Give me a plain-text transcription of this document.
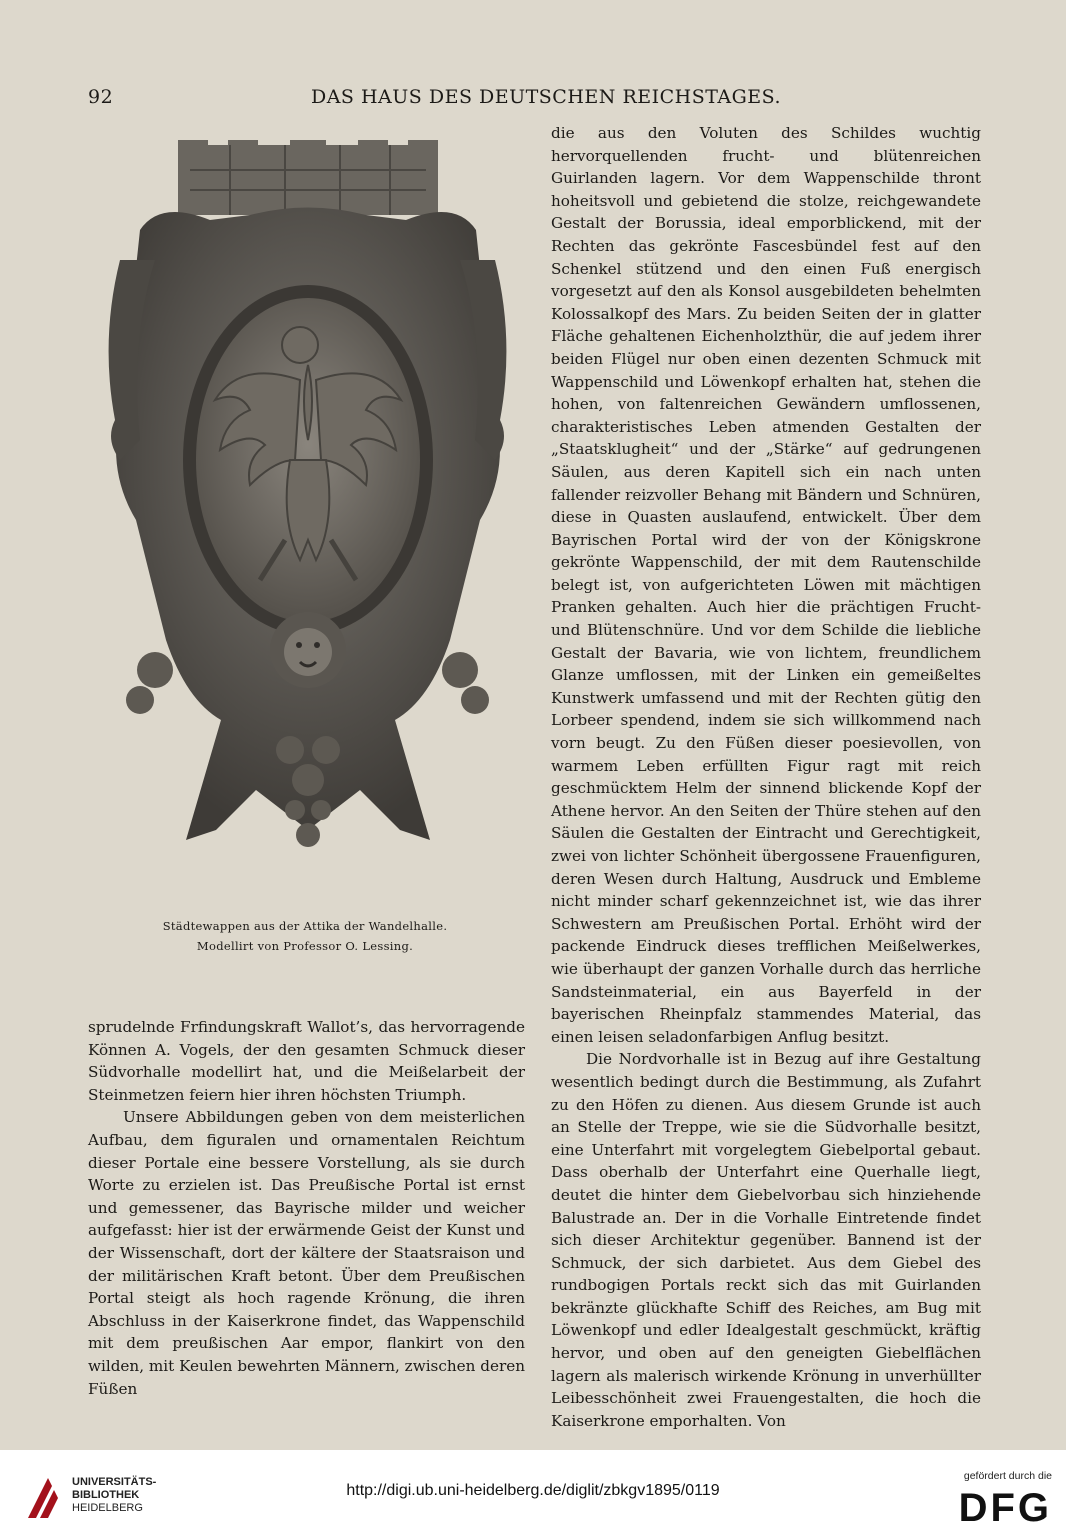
92	DAS HAUS DES DEUTSCHEN REICHSTAGES.
Städtewappen aus der Attika der Wandelhalle.
Modellirt von Professor O. Lessing.

die aus den Voluten des Schildes wuchtig hervorquellenden frucht- und blütenreichen Guirlanden lagern. Vor dem Wappenschilde thront hoheitsvoll und gebietend die stolze, reichgewandete Gestalt der Borussia, ideal emporblickend, mit der Rechten das gekrönte Fascesbündel fest auf den Schenkel stützend und den einen Fuß energisch vorgesetzt auf den als Konsol ausgebildeten behelmten Kolossalkopf des Mars. Zu beiden Seiten der in glatter Fläche gehaltenen Eichenholzthür, die auf jedem ihrer beiden Flügel nur oben einen dezenten Schmuck mit Wappenschild und Löwenkopf erhalten hat, stehen die hohen, von faltenreichen Gewändern umflossenen, charakteristisches Leben atmenden Gestalten der „Staatsklugheit“ und der „Stärke“ auf gedrungenen Säulen, aus deren Kapitell sich ein nach unten fallender reizvoller Behang mit Bändern und Schnüren, diese in Quasten auslaufend, entwickelt. Über dem Bayrischen Portal wird der von der Königskrone gekrönte Wappenschild, der mit dem Rautenschilde belegt ist, von aufgerichteten Löwen mit mächtigen Pranken gehalten. Auch hier die prächtigen Frucht- und Blütenschnüre. Und vor dem Schilde die liebliche Gestalt der Bavaria, wie von lichtem, freundlichem Glanze umflossen, mit der Linken ein gemeißeltes Kunstwerk umfassend und mit der Rechten gütig den Lorbeer spendend, indem sie sich willkommend nach vorn beugt. Zu den Füßen dieser poesievollen, von warmem Leben erfüllten Figur ragt mit reich geschmücktem Helm der sinnend blickende Kopf der Athene hervor. An den Seiten der Thüre stehen auf den Säulen die Gestalten der Eintracht und Gerechtigkeit, zwei von lichter Schönheit übergossene Frauenfiguren, deren Wesen durch Haltung, Ausdruck und Embleme nicht minder scharf gekennzeichnet ist, wie das ihrer Schwestern am Preußischen Portal. Erhöht wird der packende Eindruck dieses trefflichen Meißelwerkes, wie überhaupt der ganzen Vorhalle durch das herrliche Sandsteinmaterial, ein aus Bayerfeld in der bayerischen Rheinpfalz stammendes Material, das einen leisen seladonfarbigen Anflug besitzt.

Die Nordvorhalle ist in Bezug auf ihre Gestaltung wesentlich bedingt durch die Bestimmung, als Zufahrt zu den Höfen zu dienen. Aus diesem Grunde ist auch an Stelle der Treppe, wie sie die Südvorhalle besitzt, eine Unterfahrt mit vorgelegtem Giebelportal gebaut. Dass oberhalb der Unterfahrt eine Querhalle liegt, deutet die hinter dem Giebelvorbau sich hinziehende Balustrade an. Der in die Vorhalle Eintretende findet sich dieser Architektur gegenüber. Bannend ist der Schmuck, der sich darbietet. Aus dem Giebel des rundbogigen Portals reckt sich das mit Guirlanden bekränzte glückhafte Schiff des Reiches, am Bug mit Löwenkopf und edler Idealgestalt geschmückt, kräftig hervor, und oben auf den geneigten Giebelflächen lagern als malerisch wirkende Krönung in unverhüllter Leibesschönheit zwei Frauengestalten, die hoch die Kaiserkrone emporhalten. Von

sprudelnde Frfindungskraft Wallot’s, das hervorragende Können A. Vogels, der den gesamten Schmuck dieser Südvorhalle modellirt hat, und die Meißelarbeit der Steinmetzen feiern hier ihren höchsten Triumph.

Unsere Abbildungen geben von dem meisterlichen Aufbau, dem figuralen und ornamentalen Reichtum dieser Portale eine bessere Vorstellung, als sie durch Worte zu erzielen ist. Das Preußische Portal ist ernst und gemessener, das Bayrische milder und weicher aufgefasst: hier ist der erwärmende Geist der Kunst und der Wissenschaft, dort der kältere der Staatsraison und der militärischen Kraft betont. Über dem Preußischen Portal steigt als hoch ragende Krönung, die ihren Abschluss in der Kaiserkrone findet, das Wappenschild mit dem preußischen Aar empor, flankirt von den wilden, mit Keulen bewehrten Männern, zwischen deren Füßen

UNIVERSITÄTS-
BIBLIOTHEK
HEIDELBERG
http://digi.ub.uni-heidelberg.de/diglit/zbkgv1895/0119
gefördert durch die
DFG
